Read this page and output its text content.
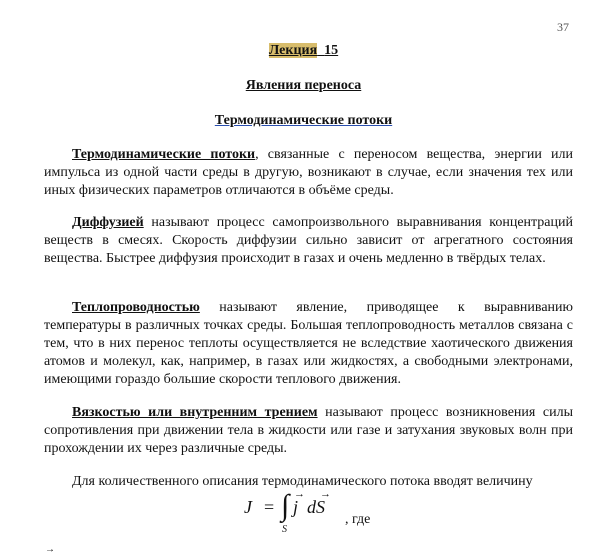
37
Лекция 15
Явления переноса
Термодинамические потоки

Термодинамические потоки, связанные с переносом вещества, энергии или импульса из одной части среды в другую, возникают в случае, если значения тех или иных физических параметров отличаются в объёме среды.

Диффузией называют процесс самопроизвольного выравнивания концентраций веществ в смесях. Скорость диффузии сильно зависит от агрегатного состояния вещества. Быстрее диффузия происходит в газах и очень медленно в твёрдых телах.

Теплопроводностью называют явление, приводящее к выравниванию температуры в различных точках среды. Большая теплопроводность металлов связана с тем, что в них перенос теплоты осуществляется не вследствие хаотического движения атомов и молекул, как, например, в газах или жидкостях, а свободными электронами, имеющими гораздо большие скорости теплового движения.

Вязкостью или внутренним трением называют процесс возникновения силы сопротивления при движении тела в жидкости или газе и затухания звуковых волн при прохождении их через различные среды.

Для количественного описания термодинамического потока вводят величину

J = ∫
S
→
j
→
dS
, где
→
